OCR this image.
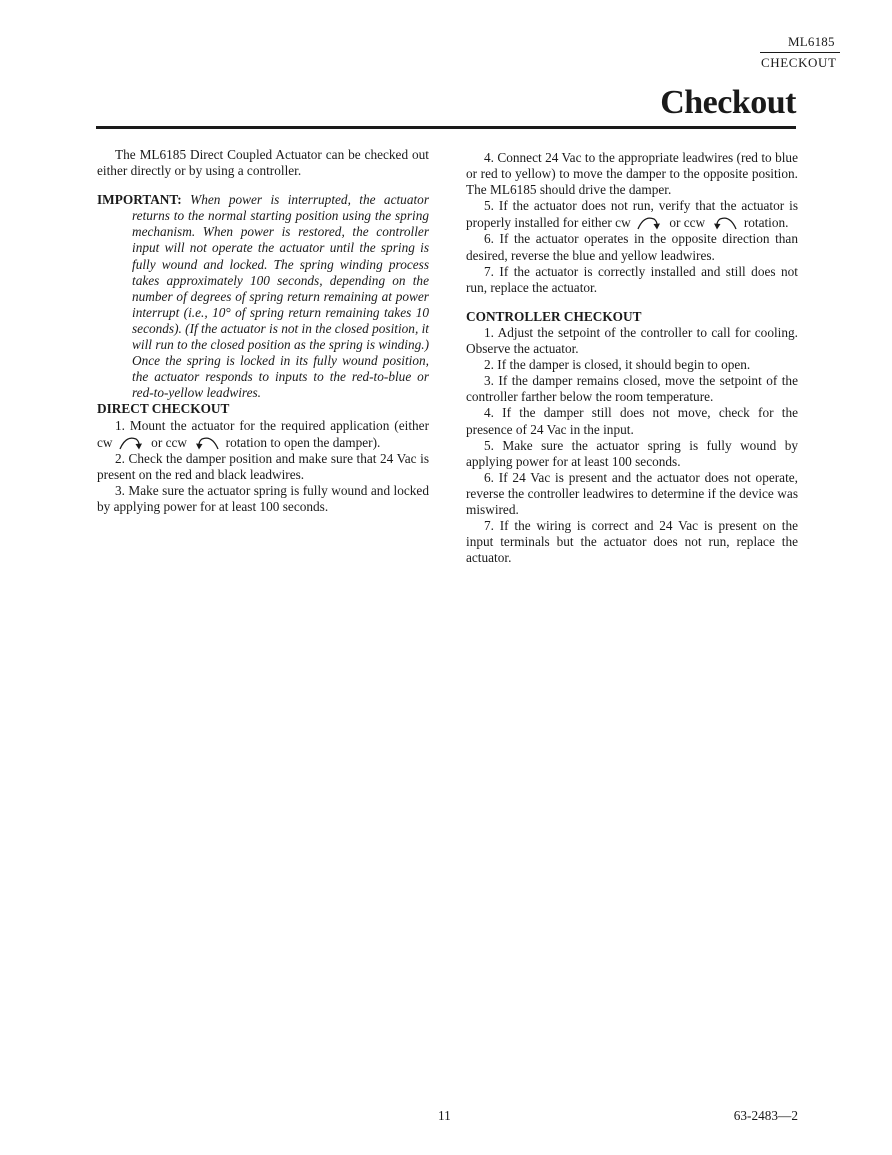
ML6185
CHECKOUT
Checkout

The ML6185 Direct Coupled Actuator can be checked out either directly or by using a controller.

IMPORTANT: When power is interrupted, the actuator returns to the normal starting position using the spring mechanism. When power is restored, the controller input will not operate the actuator until the spring is fully wound and locked. The spring winding process takes approximately 100 seconds, depending on the number of degrees of spring return remaining at power interrupt (i.e., 10° of spring return remaining takes 10 seconds). (If the actuator is not in the closed position, it will run to the closed position as the spring is winding.) Once the spring is locked in its fully wound position, the actuator responds to inputs to the red-to-blue or red-to-yellow leadwires.

DIRECT CHECKOUT

1. Mount the actuator for the required application (either cw	or ccw	rotation to open the damper).

2. Check the damper position and make sure that 24 Vac is present on the red and black leadwires.

3. Make sure the actuator spring is fully wound and locked by applying power for at least 100 seconds.

4. Connect 24 Vac to the appropriate leadwires (red to blue or red to yellow) to move the damper to the opposite position. The ML6185 should drive the damper.

5. If the actuator does not run, verify that the actuator is properly installed for either cw	or ccw	rotation.

6. If the actuator operates in the opposite direction than desired, reverse the blue and yellow leadwires.

7. If the actuator is correctly installed and still does not run, replace the actuator.

CONTROLLER CHECKOUT

1. Adjust the setpoint of the controller to call for cooling. Observe the actuator.

2. If the damper is closed, it should begin to open.

3. If the damper remains closed, move the setpoint of the controller farther below the room temperature.

4. If the damper still does not move, check for the presence of 24 Vac in the input.

5. Make sure the actuator spring is fully wound by applying power for at least 100 seconds.

6. If 24 Vac is present and the actuator does not operate, reverse the controller leadwires to determine if the device was miswired.

7. If the wiring is correct and 24 Vac is present on the input terminals but the actuator does not run, replace the actuator.

11	63-2483—2
